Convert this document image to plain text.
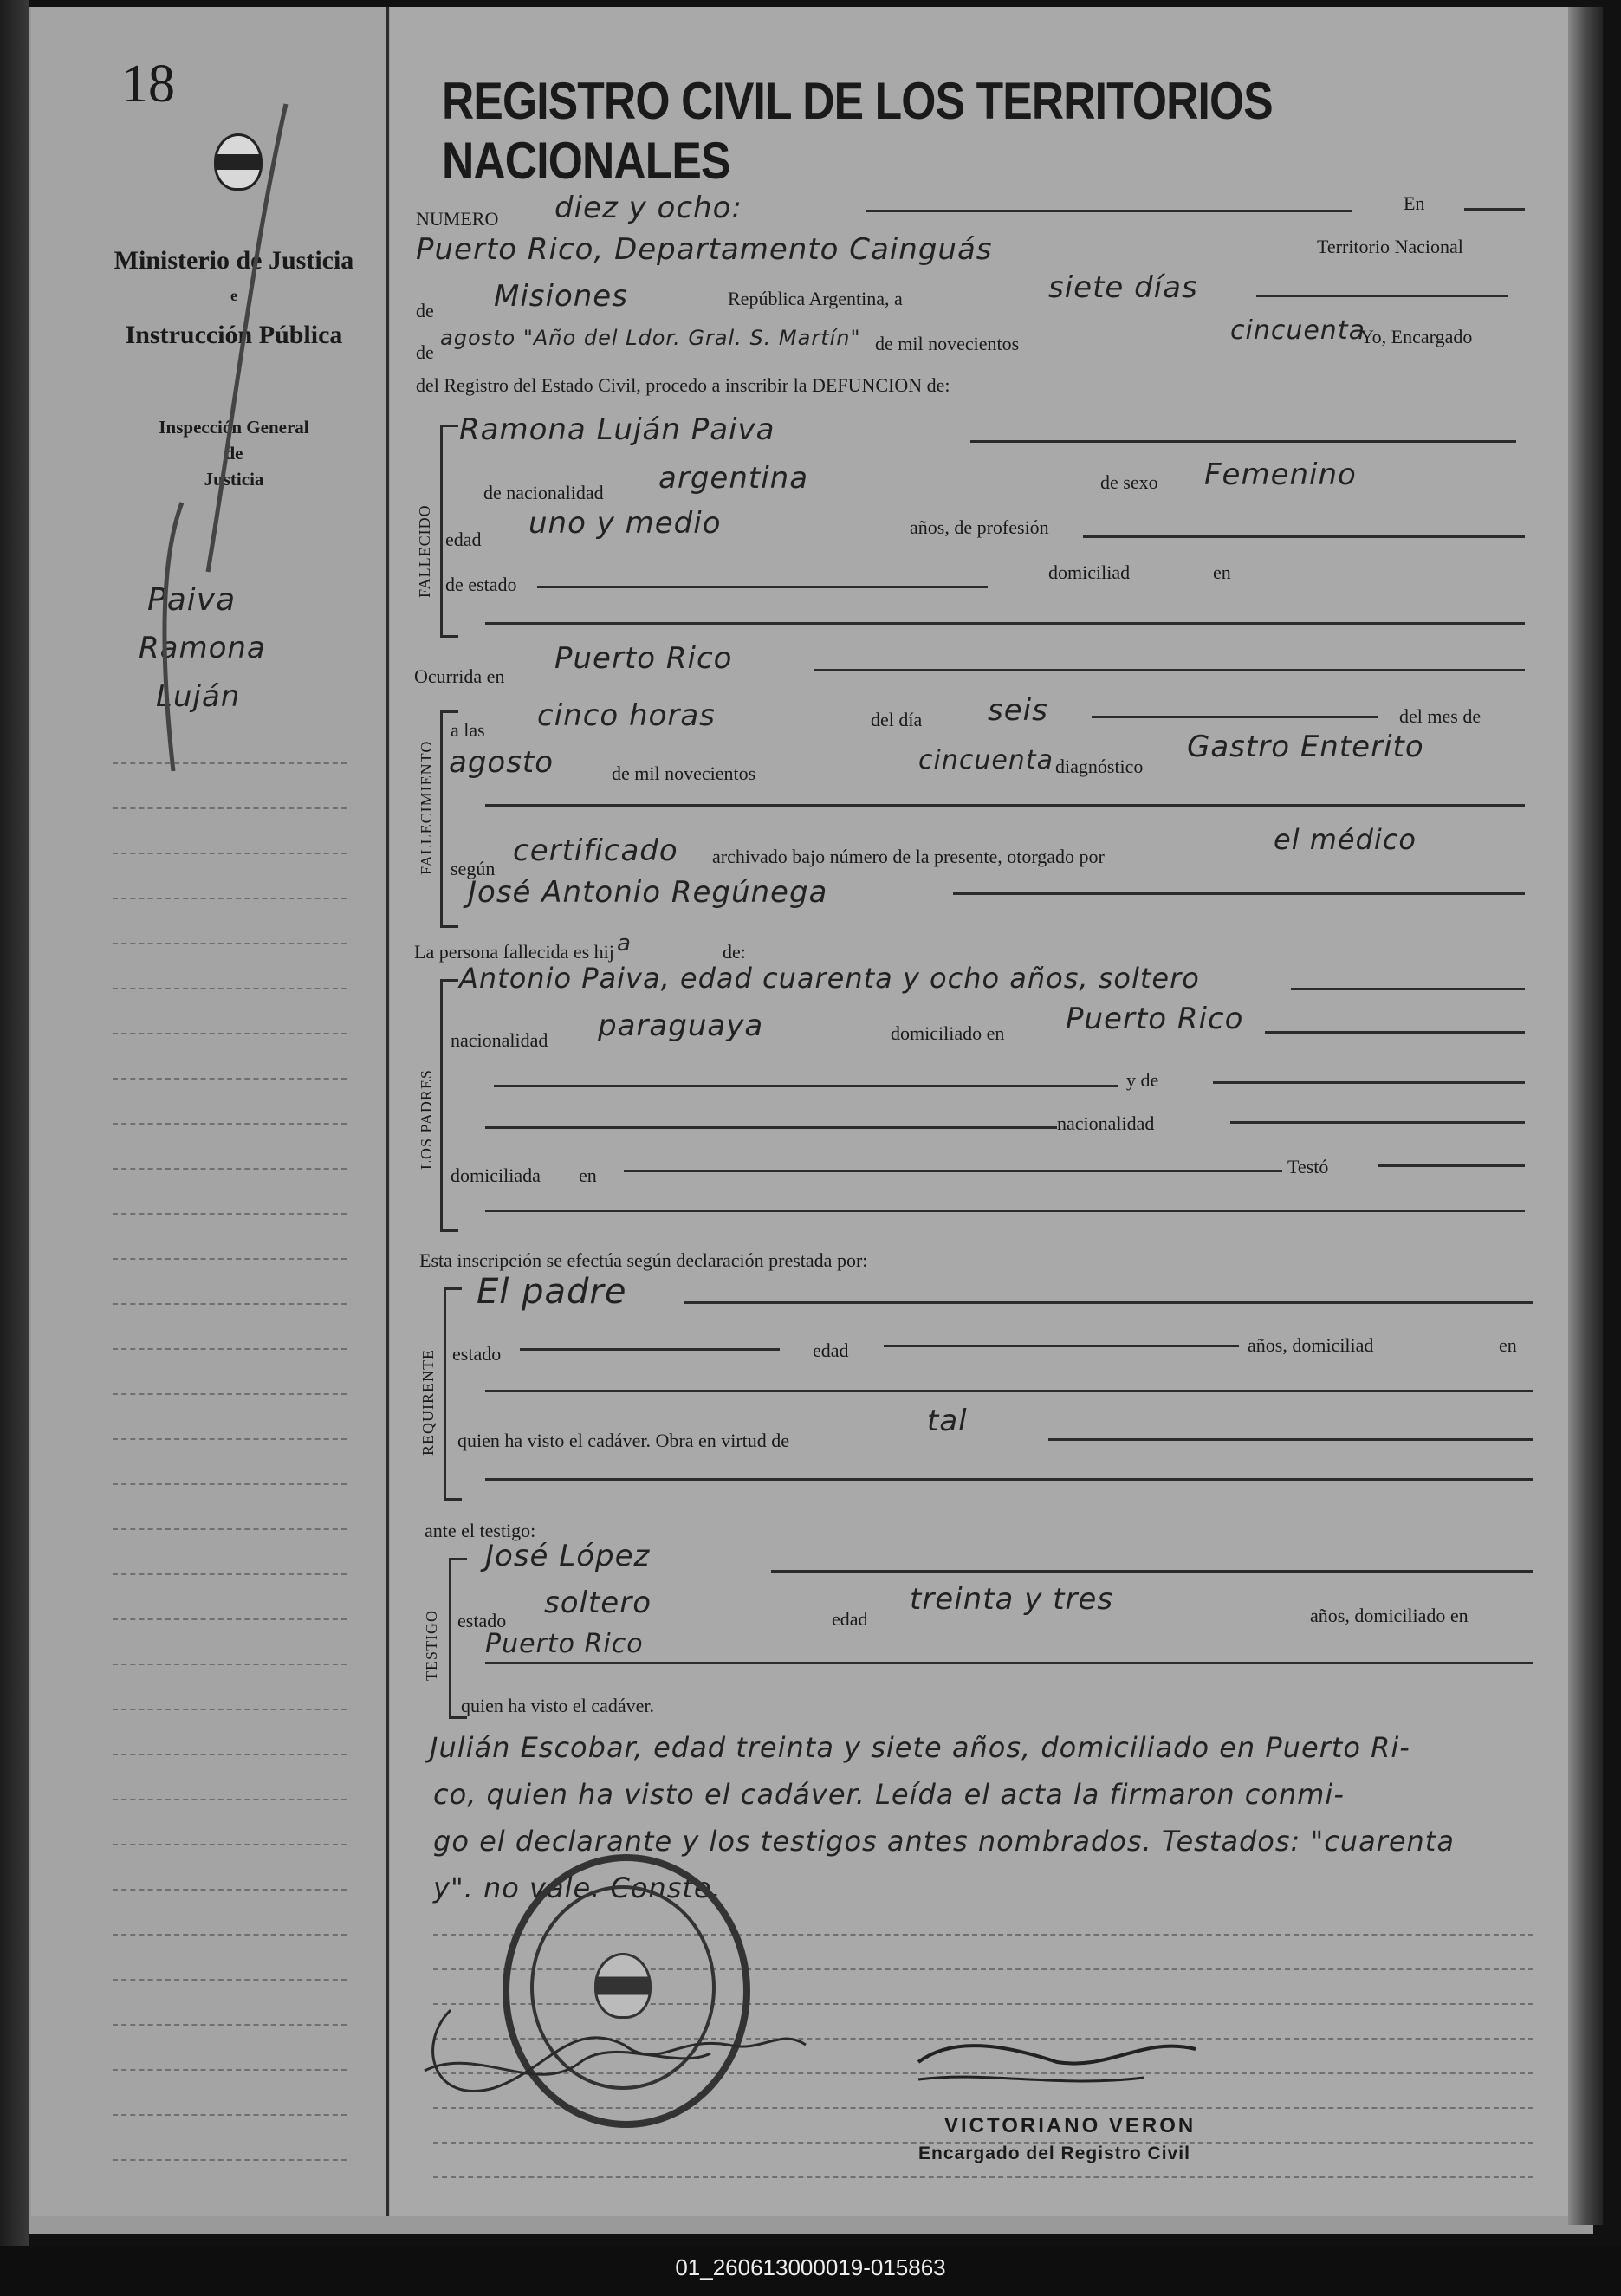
18
Ministerio de Justicia
e
Instrucción Pública
Inspección General
de
Justicia
Paiva
Ramona
Luján
REGISTRO CIVIL DE LOS TERRITORIOS NACIONALES
NUMERO diez y ocho:	En
Puerto Rico, Departamento Cainguás	Territorio Nacional
de Misiones	República Argentina, a	siete días
de
agosto "Año del Ldor. Gral. S. Martín" de mil novecientos	cincuenta
Yo, Encargado
del Registro del Estado Civil, procedo a inscribir la DEFUNCION de:
FALLECIDO
Ramona Luján Paiva
de nacionalidad argentina	de sexo Femenino
edad uno y medio	años, de profesión
de estado
domiciliad	en
Ocurrida en
Puerto Rico
FALLECIMIENTO
a las cinco horas	del día seis	del mes de
agosto	de mil novecientos	cincuenta diagnóstico
Gastro Enterito
según
certificado archivado bajo número de la presente, otorgado por
el médico
José Antonio Regúnega
La persona fallecida es hij a	de:
LOS PADRES
Antonio Paiva, edad cuarenta y ocho años, soltero
nacionalidad paraguaya	domiciliado en Puerto Rico
y de
nacionalidad
domiciliada en	Testó
Esta inscripción se efectúa según declaración prestada por:
REQUIRENTE
El padre
estado	edad	años, domiciliad	en
quien ha visto el cadáver. Obra en virtud de
tal
ante el testigo:
TESTIGO
José López
estado
soltero	edad
treinta y tres	años, domiciliado en
Puerto Rico
quien ha visto el cadáver.
Julián Escobar, edad treinta y siete años, domiciliado en Puerto Ri-
co, quien ha visto el cadáver. Leída el acta la firmaron conmi-
go el declarante y los testigos antes nombrados. Testados: "cuarenta
y". no vale. Conste.
VICTORIANO VERON
Encargado del Registro Civil
01_260613000019-015863
